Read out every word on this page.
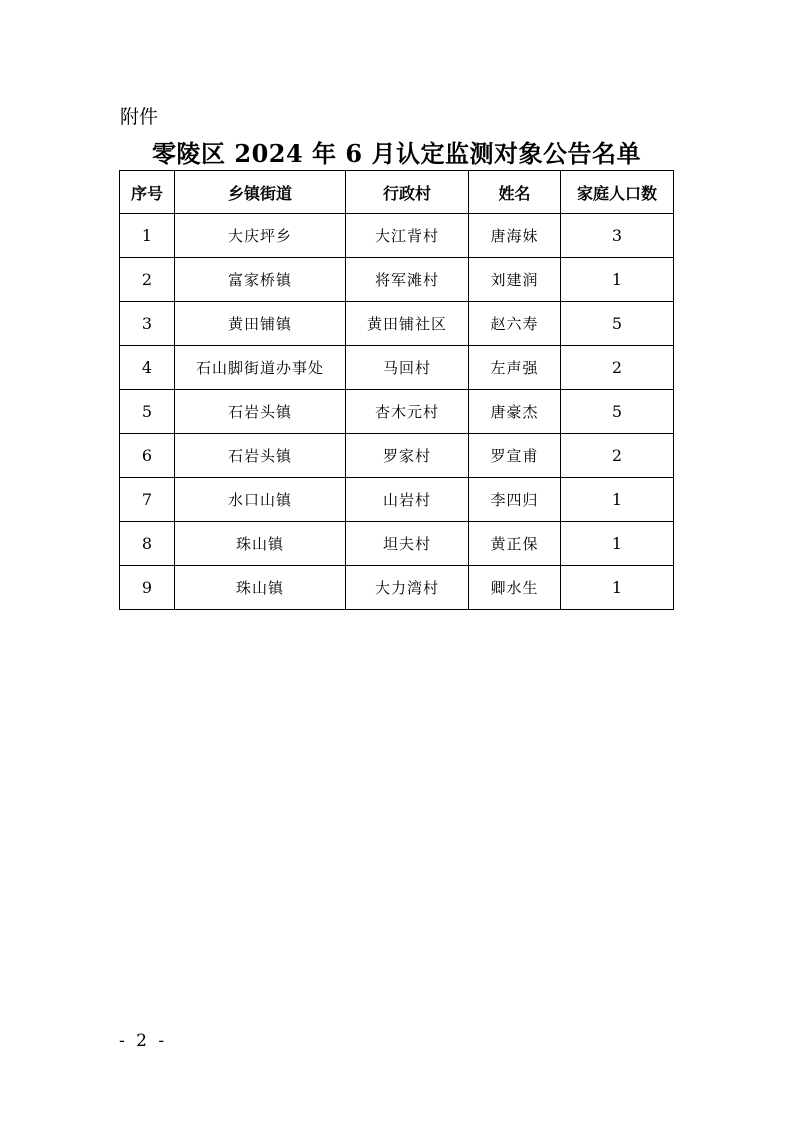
附件
零陵区 2024 年 6 月认定监测对象公告名单
序号	乡镇街道	行政村	姓名	家庭人口数
1	大庆坪乡	大江背村	唐海妹	3
2	富家桥镇	将军滩村	刘建润	1
3	黄田铺镇	黄田铺社区	赵六寿	5
4	石山脚街道办事处	马回村	左声强	2
5	石岩头镇	杏木元村	唐豪杰	5
6	石岩头镇	罗家村	罗宣甫	2
7	水口山镇	山岩村	李四归	1
8	珠山镇	坦夫村	黄正保	1
9	珠山镇	大力湾村	卿水生	1
- 2 -
